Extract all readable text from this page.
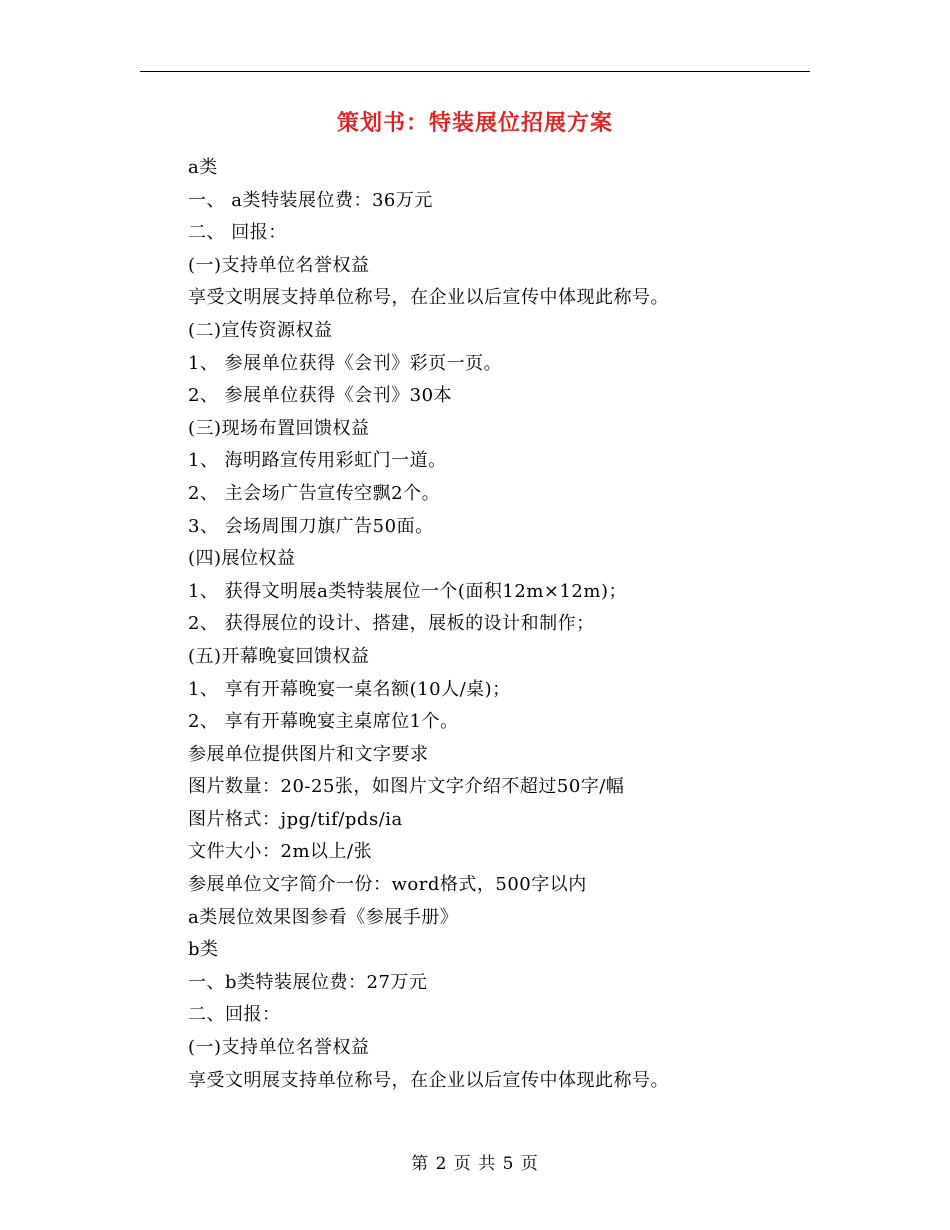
策划书：特装展位招展方案
a类
一、 a类特装展位费：36万元
二、 回报：
(一)支持单位名誉权益
享受文明展支持单位称号，在企业以后宣传中体现此称号。
(二)宣传资源权益
1、 参展单位获得《会刊》彩页一页。
2、 参展单位获得《会刊》30本
(三)现场布置回馈权益
1、 海明路宣传用彩虹门一道。
2、 主会场广告宣传空飘2个。
3、 会场周围刀旗广告50面。
(四)展位权益
1、 获得文明展a类特装展位一个(面积12m×12m)；
2、 获得展位的设计、搭建，展板的设计和制作；
(五)开幕晚宴回馈权益
1、 享有开幕晚宴一桌名额(10人/桌)；
2、 享有开幕晚宴主桌席位1个。
参展单位提供图片和文字要求
图片数量：20-25张，如图片文字介绍不超过50字/幅
图片格式：jpg/tif/pds/ia
文件大小：2m以上/张
参展单位文字简介一份：word格式，500字以内
a类展位效果图参看《参展手册》
b类
一、b类特装展位费：27万元
二、回报：
(一)支持单位名誉权益
享受文明展支持单位称号，在企业以后宣传中体现此称号。
第 2 页 共 5 页
